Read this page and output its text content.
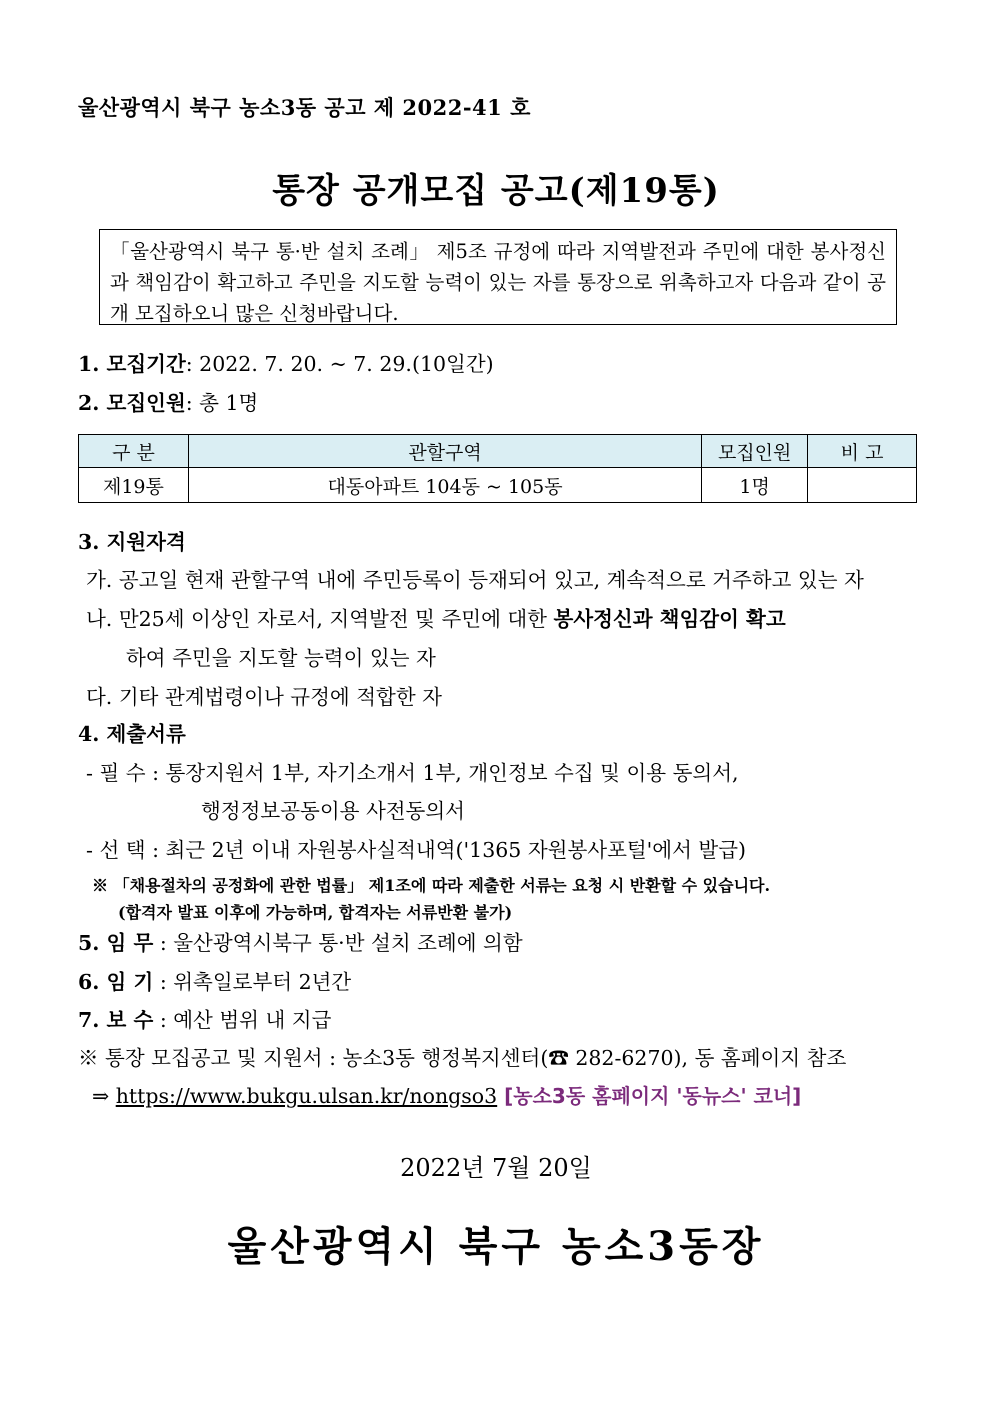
울산광역시 북구 농소3동 공고 제 2022-41 호
통장 공개모집 공고(제19통)
「울산광역시 북구 통·반 설치 조례」 제5조 규정에 따라 지역발전과 주민에 대한 봉사정신과 책임감이 확고하고 주민을 지도할 능력이 있는 자를 통장으로 위촉하고자 다음과 같이 공개 모집하오니 많은 신청바랍니다.
1. 모집기간: 2022. 7. 20. ~ 7. 29.(10일간)
2. 모집인원: 총 1명
구 분	관할구역	모집인원	비 고
제19통	대동아파트 104동 ~ 105동	1명	
3. 지원자격
가. 공고일 현재 관할구역 내에 주민등록이 등재되어 있고, 계속적으로 거주하고 있는 자
나. 만25세 이상인 자로서, 지역발전 및 주민에 대한 봉사정신과 책임감이 확고
하여 주민을 지도할 능력이 있는 자
다. 기타 관계법령이나 규정에 적합한 자
4. 제출서류
- 필 수 : 통장지원서 1부, 자기소개서 1부, 개인정보 수집 및 이용 동의서,
행정정보공동이용 사전동의서
- 선 택 : 최근 2년 이내 자원봉사실적내역('1365 자원봉사포털'에서 발급)
※ 「채용절차의 공정화에 관한 법률」 제1조에 따라 제출한 서류는 요청 시 반환할 수 있습니다.
(합격자 발표 이후에 가능하며, 합격자는 서류반환 불가)
5. 임 무 : 울산광역시북구 통·반 설치 조례에 의함
6. 임 기 : 위촉일로부터 2년간
7. 보 수 : 예산 범위 내 지급
※ 통장 모집공고 및 지원서 : 농소3동 행정복지센터(☎ 282-6270), 동 홈페이지 참조
⇒ https://www.bukgu.ulsan.kr/nongso3 [농소3동 홈페이지 '동뉴스' 코너]
2022년 7월 20일
울산광역시 북구 농소3동장
